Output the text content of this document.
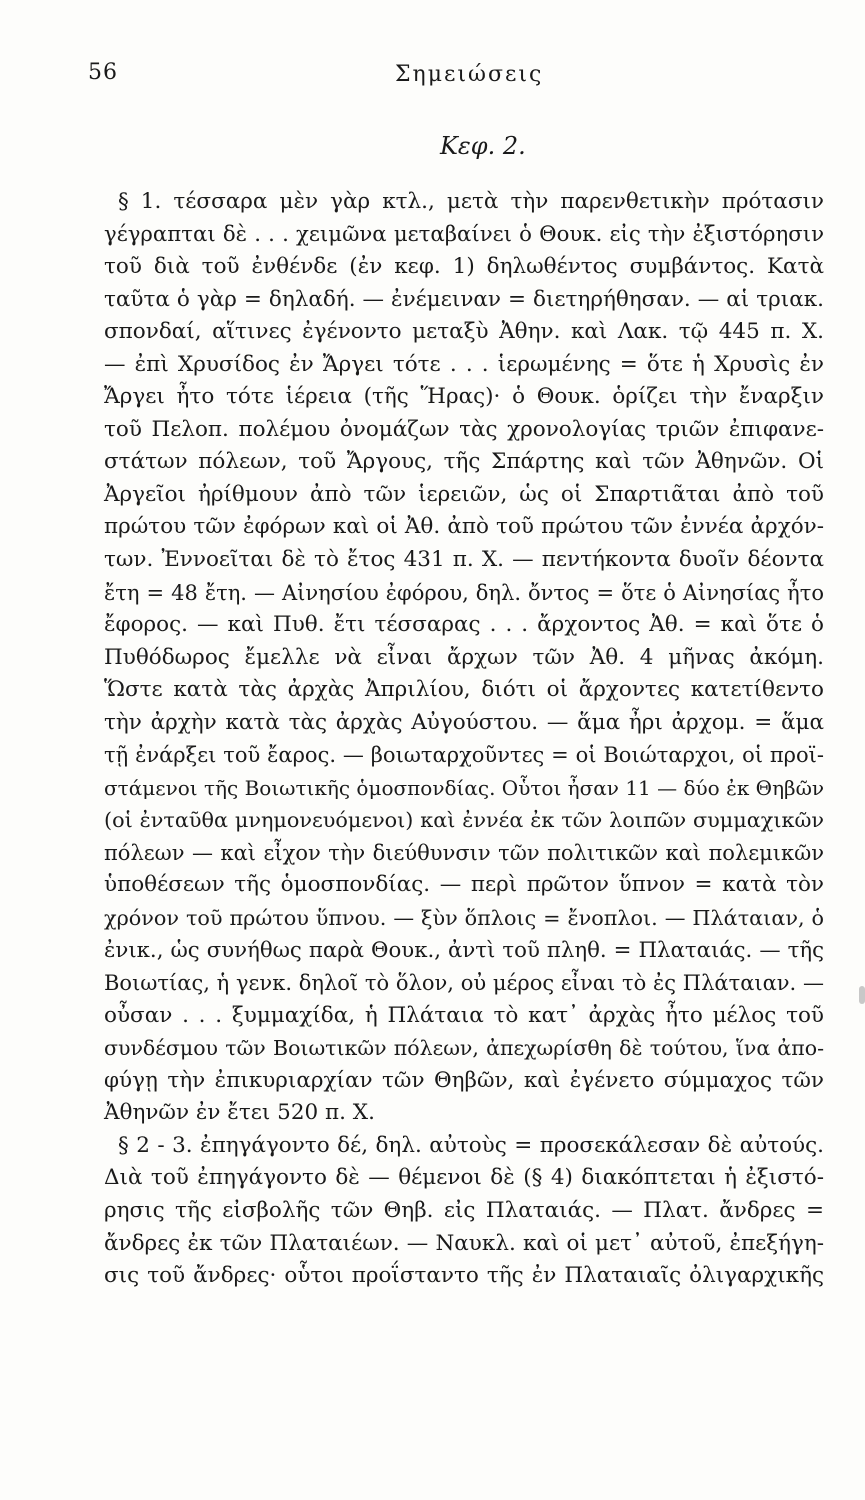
56	Σημειώσεις
Κεφ. 2.
§ 1. τέσσαρα μὲν γὰρ κτλ., μετὰ τὴν παρενθετικὴν πρότασιν
γέγραπται δὲ . . . χειμῶνα μεταβαίνει ὁ Θουκ. εἰς τὴν ἐξιστόρησιν
τοῦ διὰ τοῦ ἐνθένδε (ἐν κεφ. 1) δηλωθέντος συμβάντος. Κατὰ
ταῦτα ὁ γὰρ = δηλαδή. — ἐνέμειναν = διετηρήθησαν. — αἱ τριακ.
σπονδαί, αἵτινες ἐγένοντο μεταξὺ Ἀθην. καὶ Λακ. τῷ 445 π. Χ.
— ἐπὶ Χρυσίδος ἐν Ἄργει τότε . . . ἱερωμένης = ὅτε ἡ Χρυσὶς ἐν
Ἄργει ἦτο τότε ἱέρεια (τῆς Ἥρας)· ὁ Θουκ. ὁρίζει τὴν ἔναρξιν
τοῦ Πελοπ. πολέμου ὀνομάζων τὰς χρονολογίας τριῶν ἐπιφανε-
στάτων πόλεων, τοῦ Ἄργους, τῆς Σπάρτης καὶ τῶν Ἀθηνῶν. Οἱ
Ἀργεῖοι ἠρίθμουν ἀπὸ τῶν ἱερειῶν, ὡς οἱ Σπαρτιᾶται ἀπὸ τοῦ
πρώτου τῶν ἐφόρων καὶ οἱ Ἀθ. ἀπὸ τοῦ πρώτου τῶν ἐννέα ἀρχόν-
των. Ἐννοεῖται δὲ τὸ ἔτος 431 π. Χ. — πεντήκοντα δυοῖν δέοντα
ἔτη = 48 ἔτη. — Αἰνησίου ἐφόρου, δηλ. ὄντος = ὅτε ὁ Αἰνησίας ἦτο
ἔφορος. — καὶ Πυθ. ἔτι τέσσαρας . . . ἄρχοντος Ἀθ. = καὶ ὅτε ὁ
Πυθόδωρος ἔμελλε νὰ εἶναι ἄρχων τῶν Ἀθ. 4 μῆνας ἀκόμη.
Ὥστε κατὰ τὰς ἀρχὰς Ἀπριλίου, διότι οἱ ἄρχοντες κατετίθεντο
τὴν ἀρχὴν κατὰ τὰς ἀρχὰς Αὐγούστου. — ἅμα ἦρι ἀρχομ. = ἅμα
τῇ ἐνάρξει τοῦ ἔαρος. — βοιωταρχοῦντες = οἱ Βοιώταρχοι, οἱ προϊ-
στάμενοι τῆς Βοιωτικῆς ὁμοσπονδίας. Οὗτοι ἦσαν 11 — δύο ἐκ Θηβῶν
(οἱ ἐνταῦθα μνημονευόμενοι) καὶ ἐννέα ἐκ τῶν λοιπῶν συμμαχικῶν
πόλεων — καὶ εἶχον τὴν διεύθυνσιν τῶν πολιτικῶν καὶ πολεμικῶν
ὑποθέσεων τῆς ὁμοσπονδίας. — περὶ πρῶτον ὕπνον = κατὰ τὸν
χρόνον τοῦ πρώτου ὕπνου. — ξὺν ὅπλοις = ἔνοπλοι. — Πλάταιαν, ὁ
ἐνικ., ὡς συνήθως παρὰ Θουκ., ἀντὶ τοῦ πληθ. = Πλαταιάς. — τῆς
Βοιωτίας, ἡ γενκ. δηλοῖ τὸ ὅλον, οὐ μέρος εἶναι τὸ ἐς Πλάταιαν. —
οὖσαν . . . ξυμμαχίδα, ἡ Πλάταια τὸ κατ᾽ ἀρχὰς ἦτο μέλος τοῦ
συνδέσμου τῶν Βοιωτικῶν πόλεων, ἀπεχωρίσθη δὲ τούτου, ἵνα ἀπο-
φύγῃ τὴν ἐπικυριαρχίαν τῶν Θηβῶν, καὶ ἐγένετο σύμμαχος τῶν
Ἀθηνῶν ἐν ἔτει 520 π. Χ.
§ 2 - 3. ἐπηγάγοντο δέ, δηλ. αὐτοὺς = προσεκάλεσαν δὲ αὐτούς.
Διὰ τοῦ ἐπηγάγοντο δὲ — θέμενοι δὲ (§ 4) διακόπτεται ἡ ἐξιστό-
ρησις τῆς εἰσβολῆς τῶν Θηβ. εἰς Πλαταιάς. — Πλατ. ἄνδρες =
ἄνδρες ἐκ τῶν Πλαταιέων. — Ναυκλ. καὶ οἱ μετ᾽ αὐτοῦ, ἐπεξήγη-
σις τοῦ ἄνδρες· οὗτοι προΐσταντο τῆς ἐν Πλαταιαῖς ὀλιγαρχικῆς
